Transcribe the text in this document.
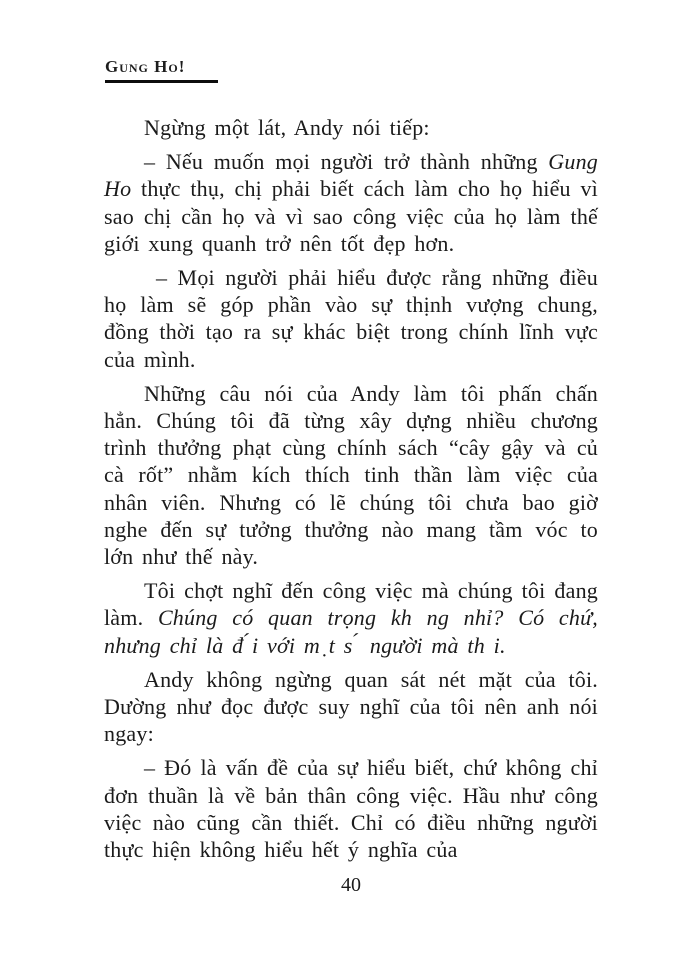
Gung Ho!

Ngừng một lát, Andy nói tiếp:

– Nếu muốn mọi người trở thành những Gung Ho thực thụ, chị phải biết cách làm cho họ hiểu vì sao chị cần họ và vì sao công việc của họ làm thế giới xung quanh trở nên tốt đẹp hơn.

– Mọi người phải hiểu được rằng những điều họ làm sẽ góp phần vào sự thịnh vượng chung, đồng thời tạo ra sự khác biệt trong chính lĩnh vực của mình.

Những câu nói của Andy làm tôi phấn chấn hẳn. Chúng tôi đã từng xây dựng nhiều chương trình thưởng phạt cùng chính sách “cây gậy và củ cà rốt” nhằm kích thích tinh thần làm việc của nhân viên. Nhưng có lẽ chúng tôi chưa bao giờ nghe đến sự tưởng thưởng nào mang tầm vóc to lớn như thế này.

Tôi chợt nghĩ đến công việc mà chúng tôi đang làm. Chúng có quan trọng kh ng nhỉ? Có chứ, nhưng chỉ là đ ́i với m ̣t s ́ người mà th i.

Andy không ngừng quan sát nét mặt của tôi. Dường như đọc được suy nghĩ của tôi nên anh nói ngay:

– Đó là vấn đề của sự hiểu biết, chứ không chỉ đơn thuần là về bản thân công việc. Hầu như công việc nào cũng cần thiết. Chỉ có điều những người thực hiện không hiểu hết ý nghĩa của

40
